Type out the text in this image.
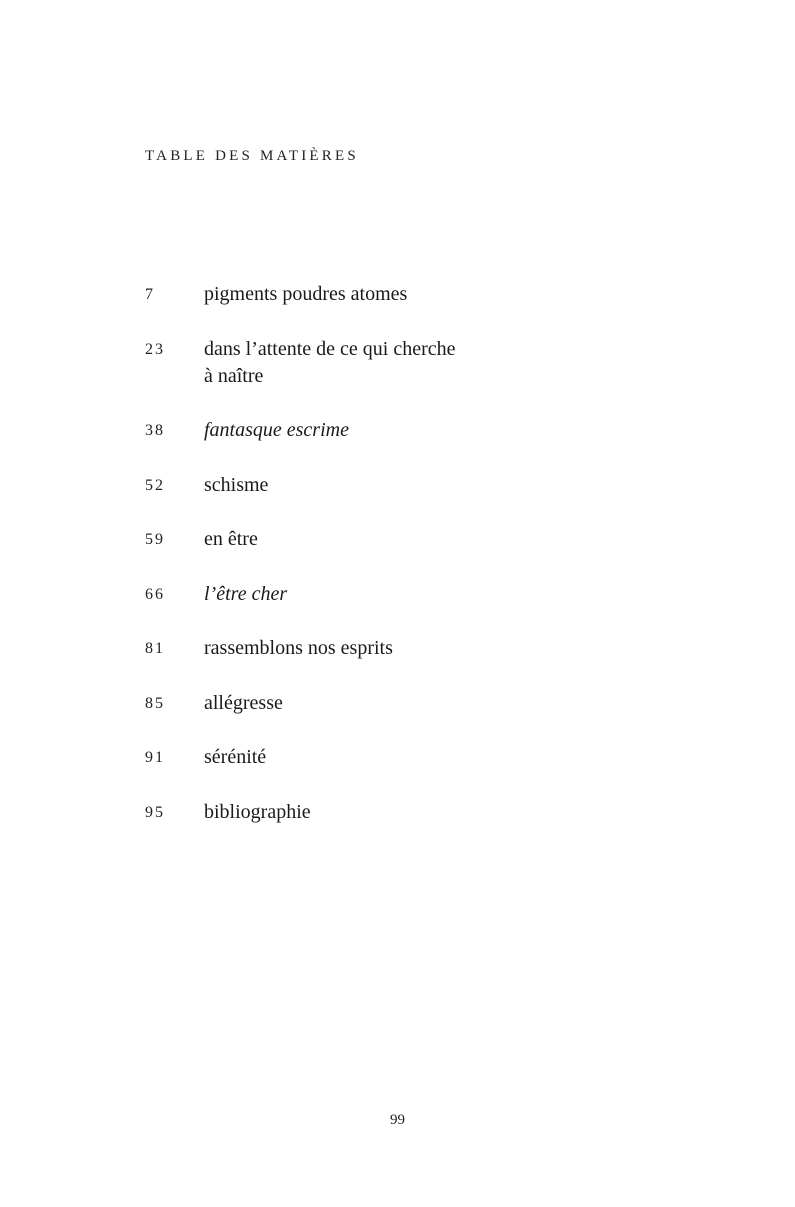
TABLE DES MATIÈRES
7	pigments poudres atomes
23	dans l’attente de ce qui cherche à naître
38	fantasque escrime
52	schisme
59	en être
66	l’être cher
81	rassemblons nos esprits
85	allégresse
91	sérénité
95	bibliographie
99
